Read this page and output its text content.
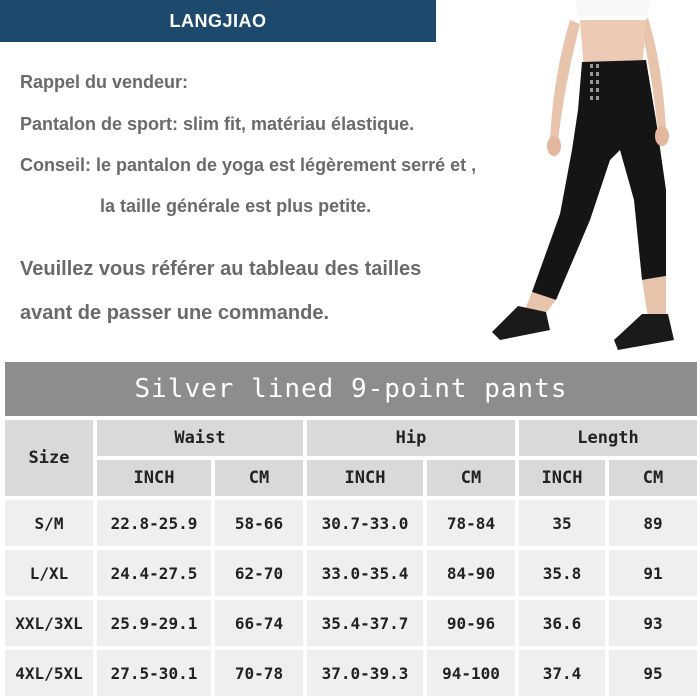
LANGJIAO
Rappel du vendeur:
Pantalon de sport: slim fit, matériau élastique.
Conseil: le pantalon de yoga est légèrement serré et ,
la taille générale est plus petite.
Veuillez vous référer au tableau des tailles
avant de passer une commande.
Silver lined 9-point pants
Size
Waist	Hip	Length
INCH	CM	INCH	CM	INCH	CM
S/M	22.8-25.9	58-66	30.7-33.0	78-84	35	89
L/XL	24.4-27.5	62-70	33.0-35.4	84-90	35.8	91
XXL/3XL	25.9-29.1	66-74	35.4-37.7	90-96	36.6	93
4XL/5XL	27.5-30.1	70-78	37.0-39.3	94-100	37.4	95
